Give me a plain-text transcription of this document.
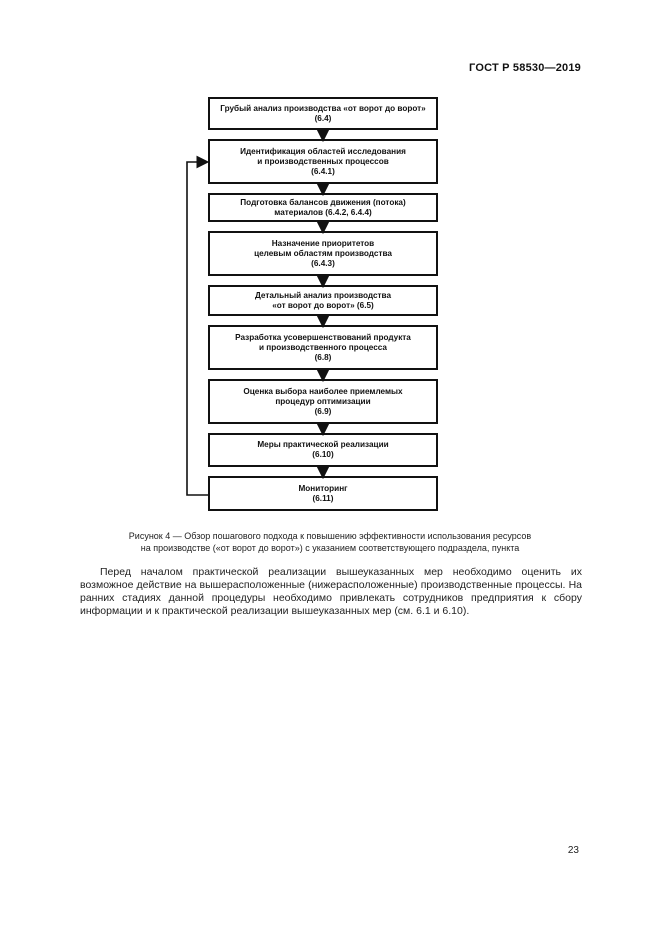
ГОСТ Р 58530—2019
Грубый анализ производства «от ворот до ворот»
(6.4)
Идентификация областей исследования
и производственных процессов
(6.4.1)
Подготовка балансов движения (потока)
материалов (6.4.2, 6.4.4)
Назначение приоритетов
целевым областям производства
(6.4.3)
Детальный анализ производства
«от ворот до ворот» (6.5)
Разработка усовершенствований продукта
и производственного процесса
(6.8)
Оценка выбора наиболее приемлемых
процедур оптимизации
(6.9)
Меры практической реализации
(6.10)
Мониторинг
(6.11)
Рисунок 4 — Обзор пошагового подхода к повышению эффективности использования ресурсов
на производстве («от ворот до ворот») с указанием соответствующего подраздела, пункта
Перед началом практической реализации вышеуказанных мер необходимо оценить их возможное действие на вышерасположенные (нижерасположенные) производственные процессы. На ранних стадиях данной процедуры необходимо привлекать сотрудников предприятия к сбору информации и к практической реализации вышеуказанных мер (см. 6.1 и 6.10).
23
